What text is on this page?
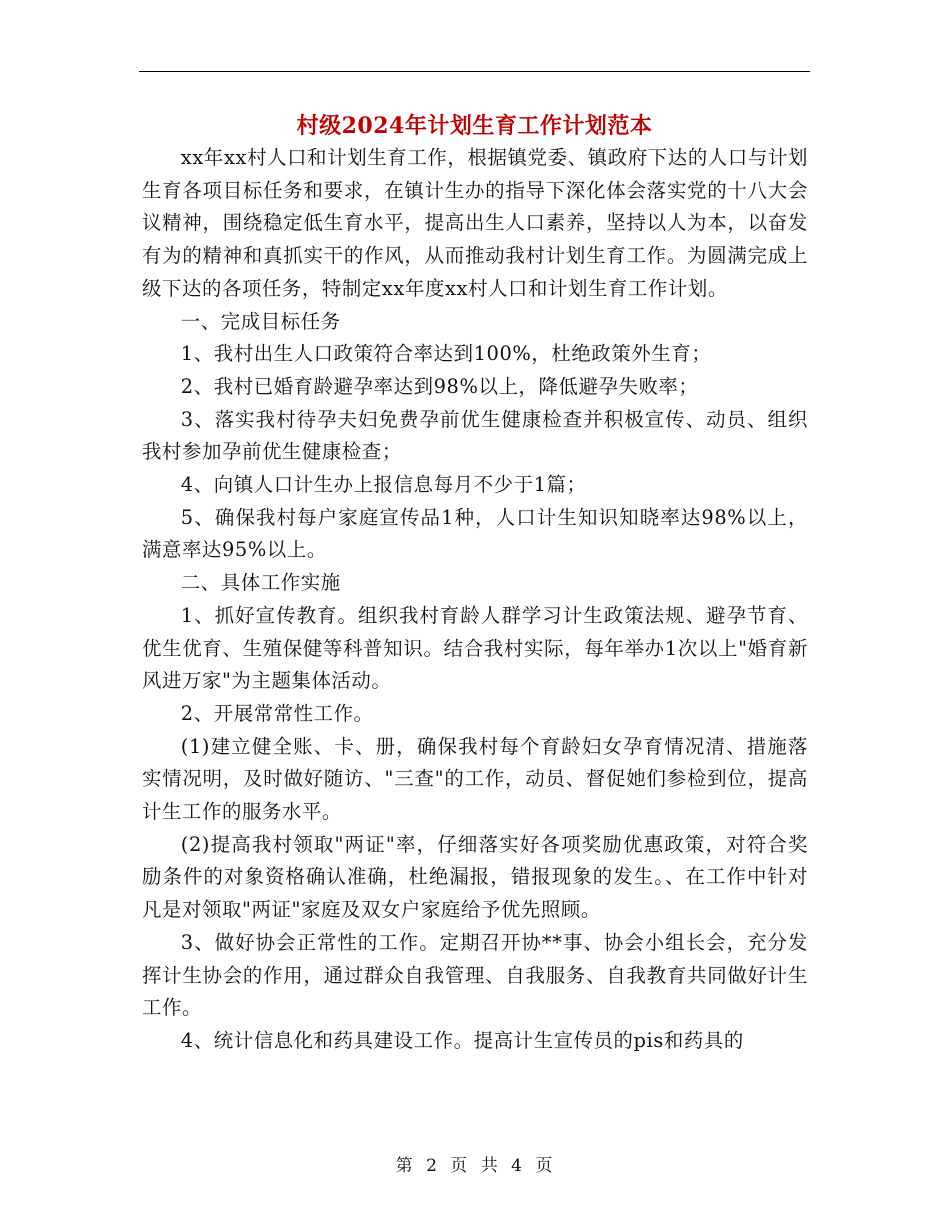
村级2024年计划生育工作计划范本

xx年xx村人口和计划生育工作，根据镇党委、镇政府下达的人口与计划生育各项目标任务和要求，在镇计生办的指导下深化体会落实党的十八大会议精神，围绕稳定低生育水平，提高出生人口素养，坚持以人为本，以奋发有为的精神和真抓实干的作风，从而推动我村计划生育工作。为圆满完成上级下达的各项任务，特制定xx年度xx村人口和计划生育工作计划。

一、完成目标任务

1、我村出生人口政策符合率达到100%，杜绝政策外生育；

2、我村已婚育龄避孕率达到98%以上，降低避孕失败率；

3、落实我村待孕夫妇免费孕前优生健康检查并积极宣传、动员、组织我村参加孕前优生健康检查；

4、向镇人口计生办上报信息每月不少于1篇；

5、确保我村每户家庭宣传品1种，人口计生知识知晓率达98%以上，满意率达95%以上。

二、具体工作实施

1、抓好宣传教育。组织我村育龄人群学习计生政策法规、避孕节育、优生优育、生殖保健等科普知识。结合我村实际，每年举办1次以上"婚育新风进万家"为主题集体活动。

2、开展常常性工作。

(1)建立健全账、卡、册，确保我村每个育龄妇女孕育情况清、措施落实情况明，及时做好随访、"三查"的工作，动员、督促她们参检到位，提高计生工作的服务水平。

(2)提高我村领取"两证"率，仔细落实好各项奖励优惠政策，对符合奖励条件的对象资格确认准确，杜绝漏报，错报现象的发生。、在工作中针对凡是对领取"两证"家庭及双女户家庭给予优先照顾。

3、做好协会正常性的工作。定期召开协**事、协会小组长会，充分发挥计生协会的作用，通过群众自我管理、自我服务、自我教育共同做好计生工作。

4、统计信息化和药具建设工作。提高计生宣传员的pis和药具的

第 2 页 共 4 页
